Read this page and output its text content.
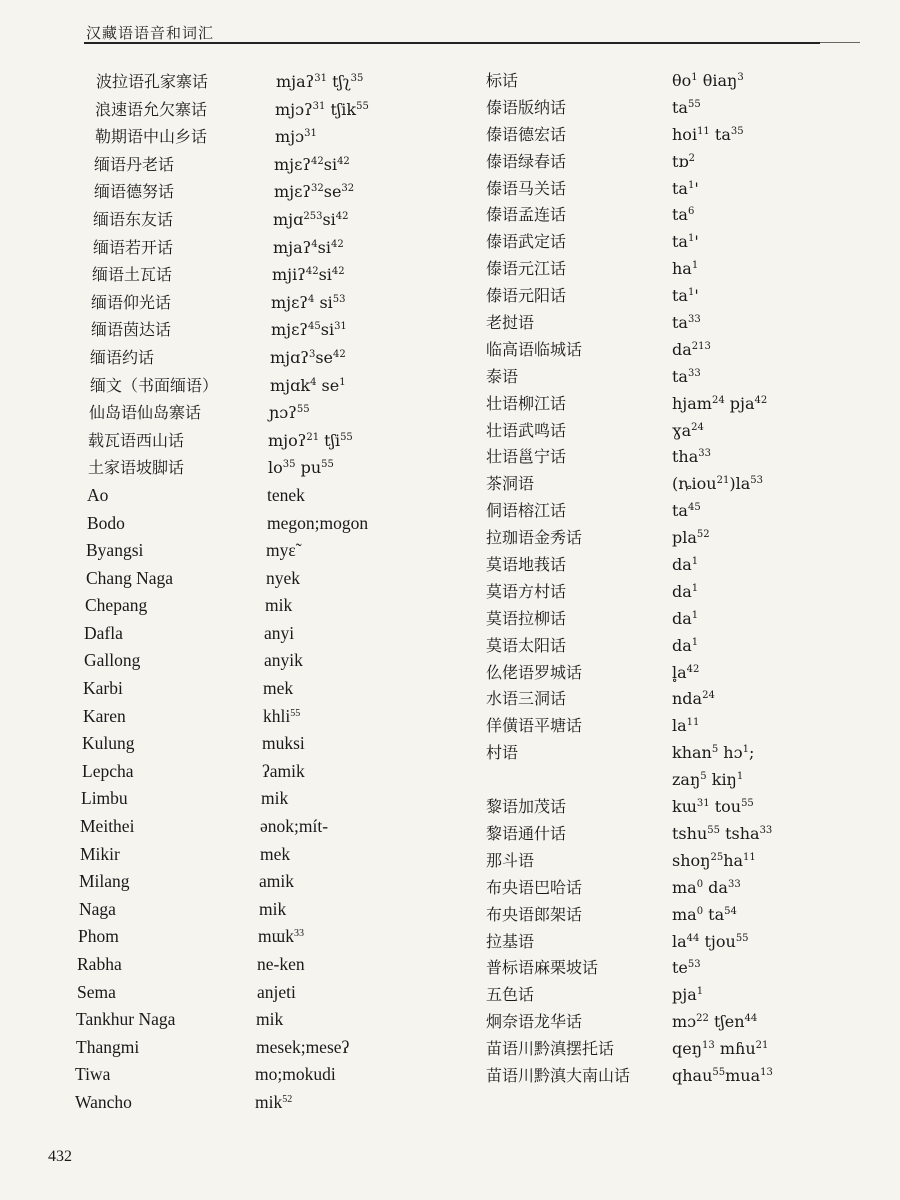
汉藏语语音和词汇
波拉语孔家寨话	mjaʔ$^{31}$ tʃʅ$^{35}$
浪速语允欠寨话	mjɔʔ$^{31}$ tʃik$^{55}$
勒期语中山乡话	mjɔ$^{31}$
缅语丹老话	$mjɛʔ^{42}si^{42}$
缅语德努话	$mjɛʔ^{32}se^{32}$
缅语东友话	$mjɑ^{253}si^{42}$
缅语若开话	$mjaʔ^4si^{42}$
缅语土瓦话	$mjiʔ^{42}si^{42}$
缅语仰光话	mjɛʔ$^4$ $si^{53}$
缅语茵达话	$mjɛʔ^{45}si^{31}$
缅语约话	$mjɑʔ^3se^{42}$
缅文（书面缅语）	mjɑk$^4$ $se^1$
仙岛语仙岛寨话	ɲɔʔ$^{55}$
载瓦语西山话	mjoʔ$^{21}$ tʃi$^{55}$
土家语坡脚话	$lo^{35}$ $pu^{55}$
Ao	tenek
Bodo	megon;mogon
Byangsi	myɛ̃
Chang Naga	nyek
Chepang	mik
Dafla	anyi
Gallong	anyik
Karbi	mek
Karen	khli$^{55}$
Kulung	muksi
Lepcha	ʔamik
Limbu	mik
Meithei	ənok;mít-
Mikir	mek
Milang	amik
Naga	mik
Phom	mɯk$^{33}$
Rabha	ne-ken
Sema	anjeti
Tankhur Naga	mik
Thangmi	mesek;meseʔ
Tiwa	mo;mokudi
Wancho	mik$^{52}$
标话	$\theta o^1$ θiaŋ$^3$
傣语版纳话	$ta^{55}$
傣语德宏话	hoi$^{11}$ $ta^{35}$
傣语绿春话	tɒ$^2$
傣语马关话	$ta^1'$
傣语孟连话	$ta^6$
傣语武定话	$ta^1'$
傣语元江话	$ha^1$
傣语元阳话	$ta^1'$
老挝语	$ta^{33}$
临高语临城话	$da^{213}$
泰语	$ta^{33}$
壮语柳江话	hjam$^{24}$ pja$^{42}$
壮语武鸣话	ɣa$^{24}$
壮语邕宁话	tha$^{33}$
茶洞语	$(ȵiou^{21})la^{53}$
侗语榕江话	$ta^{45}$
拉珈语金秀话	pla$^{52}$
莫语地莪话	$da^1$
莫语方村话	$da^1$
莫语拉柳话	$da^1$
莫语太阳话	$da^1$
仫佬语罗城话	$l̥a^{42}$
水语三洞话	nda$^{24}$
佯僙语平塘话	$la^{11}$
村语	khan$^5$ hɔ$^1$;
zaŋ$^5$ kiŋ$^1$
黎语加茂话	kɯ$^{31}$ tou$^{55}$
黎语通什话	tshu$^{55}$ tsha$^{33}$
那斗语	$shoŋ^{25}ha^{11}$
布央语巴哈话	$ma^0$ $da^{33}$
布央语郎架话	$ma^0$ $ta^{54}$
拉基语	$la^{44}$ tjou$^{55}$
普标语麻栗坡话	$te^{53}$
五色话	pja$^1$
炯奈语龙华话	mɔ$^{22}$ tʃen$^{44}$
苗语川黔滇摆托话	qeŋ$^{13}$ mɦu$^{21}$
苗语川黔滇大南山话	qhau$^{55}$mua$^{13}$
432
